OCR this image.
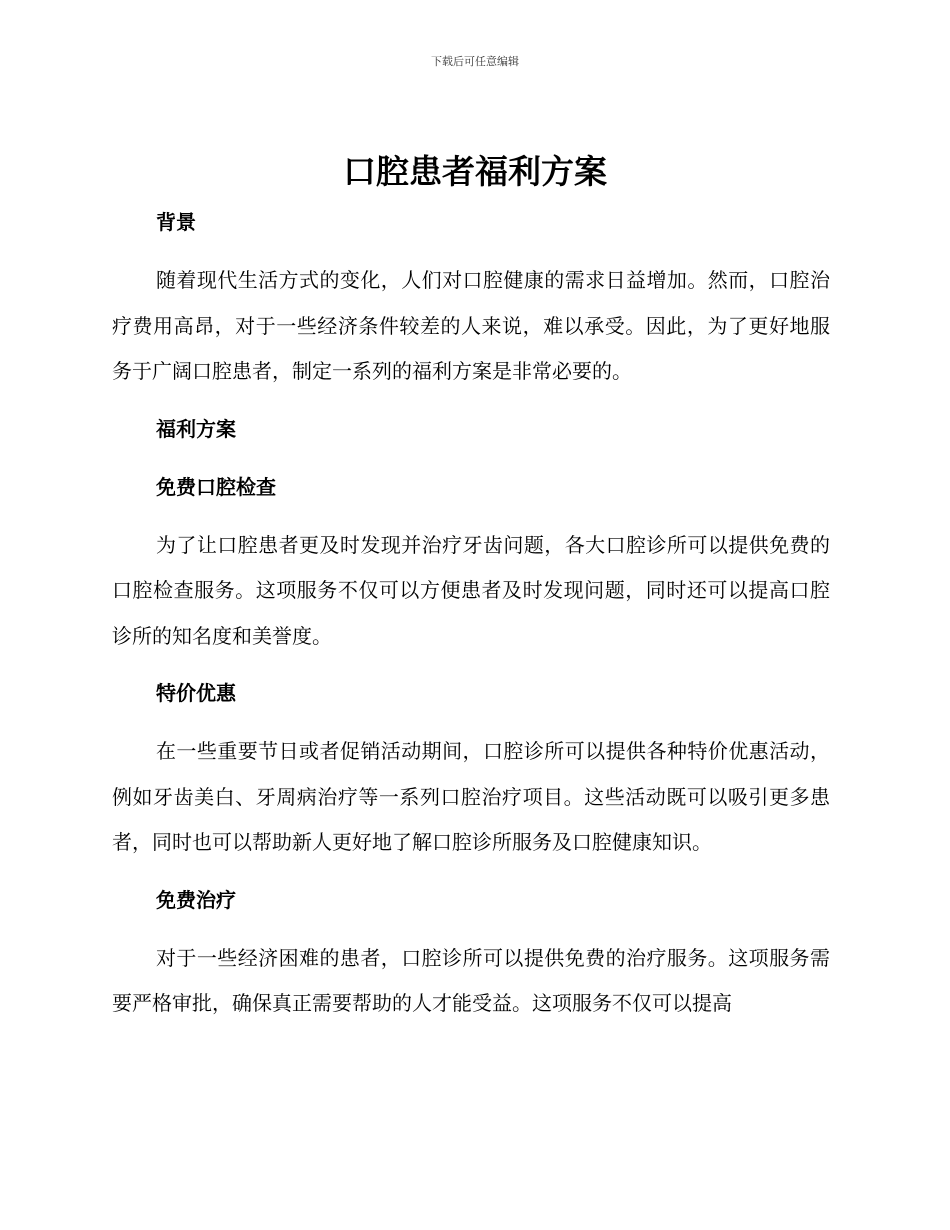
下载后可任意编辑
口腔患者福利方案
背景

随着现代生活方式的变化，人们对口腔健康的需求日益增加。然而，口腔治疗费用高昂，对于一些经济条件较差的人来说，难以承受。因此，为了更好地服务于广阔口腔患者，制定一系列的福利方案是非常必要的。

福利方案
免费口腔检查

为了让口腔患者更及时发现并治疗牙齿问题，各大口腔诊所可以提供免费的口腔检查服务。这项服务不仅可以方便患者及时发现问题，同时还可以提高口腔诊所的知名度和美誉度。

特价优惠

在一些重要节日或者促销活动期间，口腔诊所可以提供各种特价优惠活动，例如牙齿美白、牙周病治疗等一系列口腔治疗项目。这些活动既可以吸引更多患者，同时也可以帮助新人更好地了解口腔诊所服务及口腔健康知识。

免费治疗

对于一些经济困难的患者，口腔诊所可以提供免费的治疗服务。这项服务需要严格审批，确保真正需要帮助的人才能受益。这项服务不仅可以提高
